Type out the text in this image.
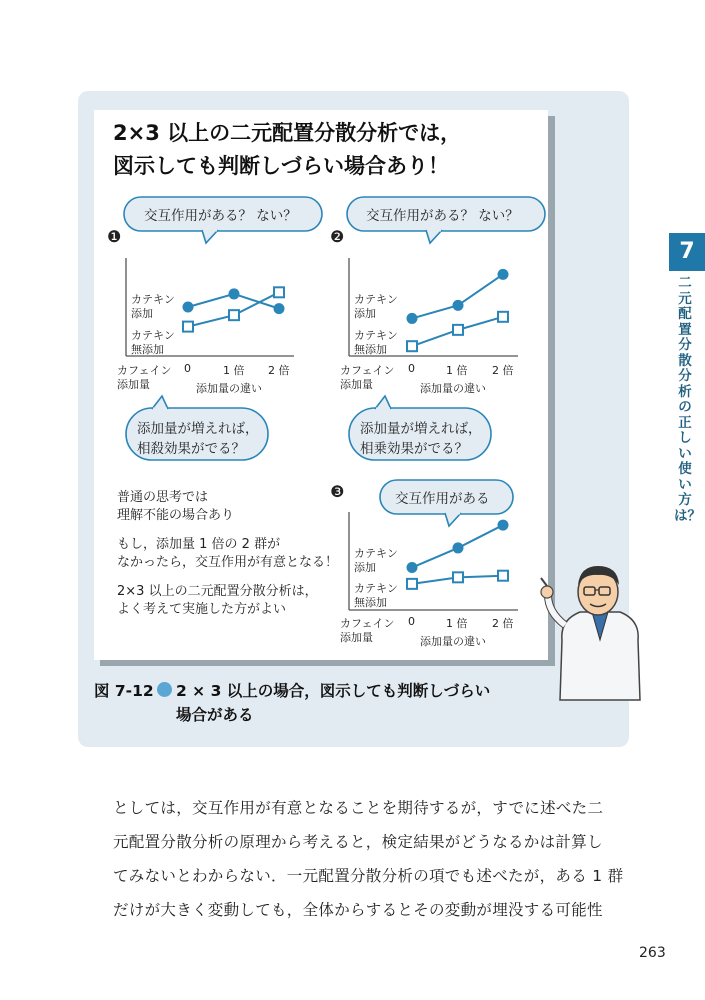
2×3 以上の二元配置分散分析では，
図示しても判断しづらい場合あり！
❶
交互作用がある？ ない？
カテキン
添加
カテキン
無添加
カフェイン
添加量
0	1 倍 2 倍
添加量の違い
添加量が増えれば，
相殺効果がでる？
❷
交互作用がある？ ない？
カテキン
添加
カテキン
無添加
カフェイン
添加量
0	1 倍 2 倍
添加量の違い
添加量が増えれば，
相乗効果がでる？
普通の思考では
理解不能の場合あり
もし，添加量 1 倍の 2 群が
なかったら，交互作用が有意となる！
2×3 以上の二元配置分散分析は，
よく考えて実施した方がよい
❸	交互作用がある
カテキン
添加
カテキン
無添加
カフェイン
添加量
0	1 倍 2 倍
添加量の違い
図 7-12 2 × 3 以上の場合，図示しても判断しづらい
場合がある
としては，交互作用が有意となることを期待するが，すでに述べた二
元配置分散分析の原理から考えると，検定結果がどうなるかは計算し
てみないとわからない．一元配置分散分析の項でも述べたが，ある 1 群
だけが大きく変動しても，全体からするとその変動が埋没する可能性
7
二元配置分散分析の正しい使い方は？
263
